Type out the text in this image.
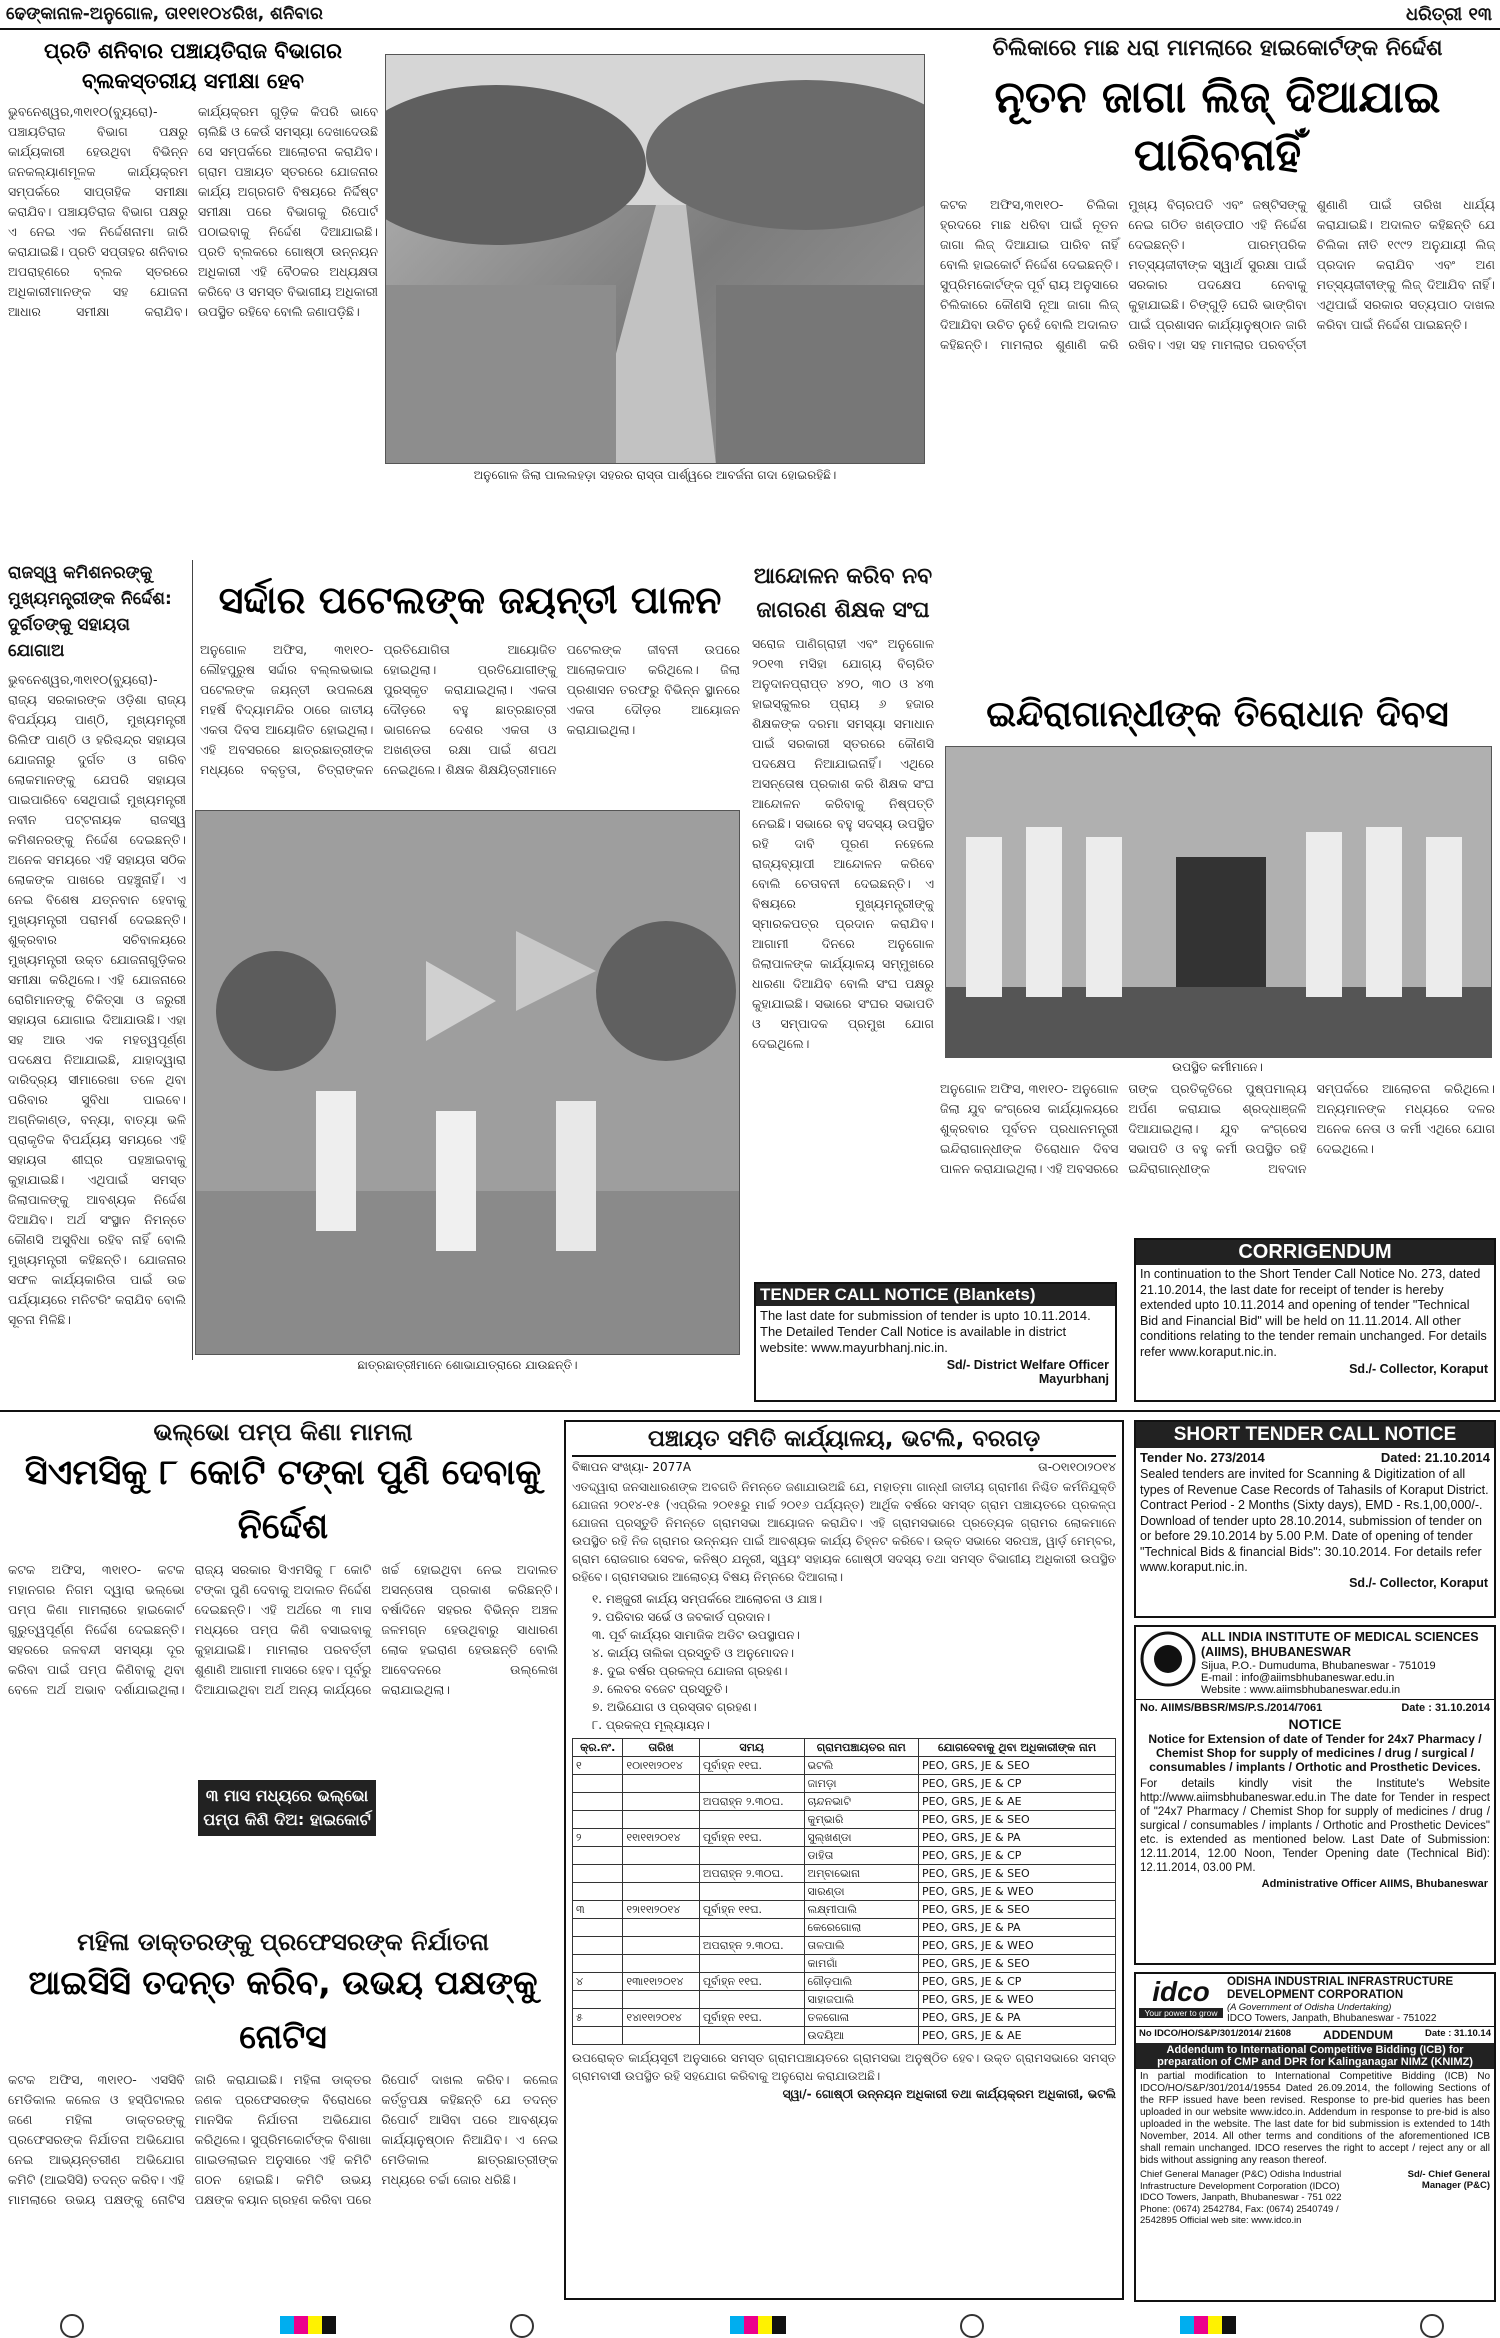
ଢେଙ୍କାନାଳ-ଅନୁଗୋଳ, ତା୧୧ା୧୦୪ରିଖ, ଶନିବାର	ଧରିତ୍ରୀ ୧୩
ପ୍ରତି ଶନିବାର ପଞ୍ଚାୟତିରାଜ ବିଭାଗର ବ୍ଲକସ୍ତରୀୟ ସମୀକ୍ଷା ହେବ
ଭୁବନେଶ୍ୱର,୩୧ା୧୦(ବ୍ୟୁରୋ)- ପଞ୍ଚାୟତିରାଜ ବିଭାଗ ପକ୍ଷରୁ କାର୍ଯ୍ୟକାରୀ ହେଉଥିବା ବିଭିନ୍ନ ଜନକଲ୍ୟାଣମୂଳକ କାର୍ଯ୍ୟକ୍ରମ ସମ୍ପର୍କରେ ସାପ୍ତାହିକ ସମୀକ୍ଷା କରାଯିବ। ପଞ୍ଚାୟତିରାଜ ବିଭାଗ ପକ୍ଷରୁ ଏ ନେଇ ଏକ ନିର୍ଦ୍ଦେଶନାମା ଜାରି କରାଯାଇଛି। ପ୍ରତି ସପ୍ତାହର ଶନିବାର ଅପରାହ୍ଣରେ ବ୍ଲକ ସ୍ତରରେ ଅଧିକାରୀମାନଙ୍କ ସହ ଯୋଜନା ଆଧାର ସମୀକ୍ଷା କରାଯିବ। କାର୍ଯ୍ୟକ୍ରମ ଗୁଡ଼ିକ କିପରି ଭାବେ ଚାଲିଛି ଓ କେଉଁ ସମସ୍ୟା ଦେଖାଦେଉଛି ସେ ସମ୍ପର୍କରେ ଆଲୋଚନା କରାଯିବ। ଗ୍ରାମ ପଞ୍ଚାୟତ ସ୍ତରରେ ଯୋଜନାର କାର୍ଯ୍ୟ ଅଗ୍ରଗତି ବିଷୟରେ ନିର୍ଦ୍ଦିଷ୍ଟ ସମୀକ୍ଷା ପରେ ବିଭାଗକୁ ରିପୋର୍ଟ ପଠାଇବାକୁ ନିର୍ଦ୍ଦେଶ ଦିଆଯାଇଛି। ପ୍ରତି ବ୍ଲକରେ ଗୋଷ୍ଠୀ ଉନ୍ନୟନ ଅଧିକାରୀ ଏହି ବୈଠକର ଅଧ୍ୟକ୍ଷତା କରିବେ ଓ ସମସ୍ତ ବିଭାଗୀୟ ଅଧିକାରୀ ଉପସ୍ଥିତ ରହିବେ ବୋଲି ଜଣାପଡ଼ିଛି।
ଅନୁଗୋଳ ଜିଲା ପାଲଲହଡ଼ା ସହରର ରାସ୍ତା ପାର୍ଶ୍ୱରେ ଆବର୍ଜନା ଗଦା ହୋଇରହିଛି।
ଚିଲିକାରେ ମାଛ ଧରା ମାମଲାରେ ହାଇକୋର୍ଟଙ୍କ ନିର୍ଦ୍ଦେଶ
ନୂତନ ଜାଗା ଲିଜ୍ ଦିଆଯାଇ ପାରିବନାହିଁ
କଟକ ଅଫିସ,୩୧ା୧୦- ଚିଲିକା ହ୍ରଦରେ ମାଛ ଧରିବା ପାଇଁ ନୂତନ ଜାଗା ଲିଜ୍ ଦିଆଯାଇ ପାରିବ ନାହିଁ ବୋଲି ହାଇକୋର୍ଟ ନିର୍ଦ୍ଦେଶ ଦେଇଛନ୍ତି। ସୁପ୍ରିମକୋର୍ଟଙ୍କ ପୂର୍ବ ରାୟ ଅନୁସାରେ ଚିଲିକାରେ କୌଣସି ନୂଆ ଜାଗା ଲିଜ୍ ଦିଆଯିବା ଉଚିତ ନୁହେଁ ବୋଲି ଅଦାଲତ କହିଛନ୍ତି। ମାମଲାର ଶୁଣାଣି କରି ମୁଖ୍ୟ ବିଚାରପତି ଏବଂ ଜଷ୍ଟିସଙ୍କୁ ନେଇ ଗଠିତ ଖଣ୍ଡପୀଠ ଏହି ନିର୍ଦ୍ଦେଶ ଦେଇଛନ୍ତି। ପାରମ୍ପରିକ ମତ୍ସ୍ୟଜୀବୀଙ୍କ ସ୍ୱାର୍ଥ ସୁରକ୍ଷା ପାଇଁ ସରକାର ପଦକ୍ଷେପ ନେବାକୁ କୁହାଯାଇଛି। ଚିଙ୍ଗୁଡ଼ି ଘେରି ଭାଙ୍ଗିବା ପାଇଁ ପ୍ରଶାସନ କାର୍ଯ୍ୟାନୁଷ୍ଠାନ ଜାରି ରଖିବ। ଏହା ସହ ମାମଲାର ପରବର୍ତ୍ତୀ ଶୁଣାଣି ପାଇଁ ତାରିଖ ଧାର୍ଯ୍ୟ କରାଯାଇଛି। ଅଦାଲତ କହିଛନ୍ତି ଯେ ଚିଲିକା ନୀତି ୧୯୯୨ ଅନୁଯାୟୀ ଲିଜ୍ ପ୍ରଦାନ କରାଯିବ ଏବଂ ଅଣ ମତ୍ସ୍ୟଜୀବୀଙ୍କୁ ଲିଜ୍ ଦିଆଯିବ ନାହିଁ। ଏଥିପାଇଁ ସରକାର ସତ୍ୟପାଠ ଦାଖଲ କରିବା ପାଇଁ ନିର୍ଦ୍ଦେଶ ପାଇଛନ୍ତି।
ରାଜସ୍ୱ କମିଶନରଙ୍କୁ ମୁଖ୍ୟମନ୍ତ୍ରୀଙ୍କ ନିର୍ଦ୍ଦେଶ: ଦୁର୍ଗତଙ୍କୁ ସହାୟତା ଯୋଗାଅ
ଭୁବନେଶ୍ୱର,୩୧ା୧୦(ବ୍ୟୁରୋ)- ରାଜ୍ୟ ସରକାରଙ୍କ ଓଡ଼ିଶା ରାଜ୍ୟ ବିପର୍ଯ୍ୟୟ ପାଣ୍ଠି, ମୁଖ୍ୟମନ୍ତ୍ରୀ ରିଲିଫ ପାଣ୍ଠି ଓ ହରିଶ୍ଚନ୍ଦ୍ର ସହାୟତା ଯୋଜନାରୁ ଦୁର୍ଗତ ଓ ଗରିବ ଲୋକମାନଙ୍କୁ ଯେପରି ସହାୟତା ପାଇପାରିବେ ସେଥିପାଇଁ ମୁଖ୍ୟମନ୍ତ୍ରୀ ନବୀନ ପଟ୍ଟନାୟକ ରାଜସ୍ୱ କମିଶନରଙ୍କୁ ନିର୍ଦ୍ଦେଶ ଦେଇଛନ୍ତି। ଅନେକ ସମୟରେ ଏହି ସହାୟତା ସଠିକ ଲୋକଙ୍କ ପାଖରେ ପହଞ୍ଚୁନାହିଁ। ଏ ନେଇ ବିଶେଷ ଯତ୍ନବାନ ହେବାକୁ ମୁଖ୍ୟମନ୍ତ୍ରୀ ପରାମର୍ଶ ଦେଇଛନ୍ତି। ଶୁକ୍ରବାର ସଚିବାଳୟରେ ମୁଖ୍ୟମନ୍ତ୍ରୀ ଉକ୍ତ ଯୋଜନାଗୁଡ଼ିକର ସମୀକ୍ଷା କରିଥିଲେ। ଏହି ଯୋଜନାରେ ରୋଗିମାନଙ୍କୁ ଚିକିତ୍ସା ଓ ଜରୁରୀ ସହାୟତା ଯୋଗାଇ ଦିଆଯାଉଛି। ଏହା ସହ ଆଉ ଏକ ମହତ୍ୱପୂର୍ଣ୍ଣ ପଦକ୍ଷେପ ନିଆଯାଇଛି, ଯାହାଦ୍ୱାରା ଦାରିଦ୍ର୍ୟ ସୀମାରେଖା ତଳେ ଥିବା ପରିବାର ସୁବିଧା ପାଇବେ। ଅଗ୍ନିକାଣ୍ଡ, ବନ୍ୟା, ବାତ୍ୟା ଭଳି ପ୍ରାକୃତିକ ବିପର୍ଯ୍ୟୟ ସମୟରେ ଏହି ସହାୟତା ଶୀଘ୍ର ପହଞ୍ଚାଇବାକୁ କୁହାଯାଇଛି। ଏଥିପାଇଁ ସମସ୍ତ ଜିଲାପାଳଙ୍କୁ ଆବଶ୍ୟକ ନିର୍ଦ୍ଦେଶ ଦିଆଯିବ। ଅର୍ଥ ସଂସ୍ଥାନ ନିମନ୍ତେ କୌଣସି ଅସୁବିଧା ରହିବ ନାହିଁ ବୋଲି ମୁଖ୍ୟମନ୍ତ୍ରୀ କହିଛନ୍ତି। ଯୋଜନାର ସଫଳ କାର୍ଯ୍ୟକାରିତା ପାଇଁ ଉଚ୍ଚ ପର୍ଯ୍ୟାୟରେ ମନିଟରିଂ କରାଯିବ ବୋଲି ସୂଚନା ମିଳିଛି।
ସର୍ଦ୍ଦାର ପଟେଲଙ୍କ ଜୟନ୍ତୀ ପାଳନ
ଅନୁଗୋଳ ଅଫିସ, ୩୧ା୧୦- ଲୌହପୁରୁଷ ସର୍ଦ୍ଦାର ବଲ୍ଲଭଭାଇ ପଟେଲଙ୍କ ଜୟନ୍ତୀ ଉପଲକ୍ଷେ ମହର୍ଷି ବିଦ୍ୟାମନ୍ଦିର ଠାରେ ଜାତୀୟ ଏକତା ଦିବସ ଆୟୋଜିତ ହୋଇଥିଲା। ଏହି ଅବସରରେ ଛାତ୍ରଛାତ୍ରୀଙ୍କ ମଧ୍ୟରେ ବକ୍ତୃତା, ଚିତ୍ରାଙ୍କନ ପ୍ରତିଯୋଗିତା ଆୟୋଜିତ ହୋଇଥିଲା। ପ୍ରତିଯୋଗୀଙ୍କୁ ପୁରସ୍କୃତ କରାଯାଇଥିଲା। ଏକତା ଦୌଡ଼ରେ ବହୁ ଛାତ୍ରଛାତ୍ରୀ ଭାଗନେଇ ଦେଶର ଏକତା ଓ ଅଖଣ୍ଡତା ରକ୍ଷା ପାଇଁ ଶପଥ ନେଇଥିଲେ। ଶିକ୍ଷକ ଶିକ୍ଷୟିତ୍ରୀମାନେ ପଟେଲଙ୍କ ଜୀବନୀ ଉପରେ ଆଲୋକପାତ କରିଥିଲେ। ଜିଲା ପ୍ରଶାସନ ତରଫରୁ ବିଭିନ୍ନ ସ୍ଥାନରେ ଏକତା ଦୌଡ଼ର ଆୟୋଜନ କରାଯାଇଥିଲା।
ଛାତ୍ରଛାତ୍ରୀମାନେ ଶୋଭାଯାତ୍ରାରେ ଯାଉଛନ୍ତି।
ଆନ୍ଦୋଳନ କରିବ ନବ ଜାଗରଣ ଶିକ୍ଷକ ସଂଘ
ସରୋଜ ପାଣିଗ୍ରାହୀ ଏବଂ ଅନୁଗୋଳ ୨୦୧୩ ମସିହା ଯୋଗ୍ୟ ବିଚାରିତ ଅନୁଦାନପ୍ରାପ୍ତ ୪୨୦, ୩୦ ଓ ୪୩ ହାଇସ୍କୁଲର ପ୍ରାୟ ୬ ହଜାର ଶିକ୍ଷକଙ୍କ ଦରମା ସମସ୍ୟା ସମାଧାନ ପାଇଁ ସରକାରୀ ସ୍ତରରେ କୌଣସି ପଦକ୍ଷେପ ନିଆଯାଇନାହିଁ। ଏଥିରେ ଅସନ୍ତୋଷ ପ୍ରକାଶ କରି ଶିକ୍ଷକ ସଂଘ ଆନ୍ଦୋଳନ କରିବାକୁ ନିଷ୍ପତ୍ତି ନେଇଛି। ସଭାରେ ବହୁ ସଦସ୍ୟ ଉପସ୍ଥିତ ରହି ଦାବି ପୂରଣ ନହେଲେ ରାଜ୍ୟବ୍ୟାପୀ ଆନ୍ଦୋଳନ କରିବେ ବୋଲି ଚେତାବନୀ ଦେଇଛନ୍ତି। ଏ ବିଷୟରେ ମୁଖ୍ୟମନ୍ତ୍ରୀଙ୍କୁ ସ୍ମାରକପତ୍ର ପ୍ରଦାନ କରାଯିବ। ଆଗାମୀ ଦିନରେ ଅନୁଗୋଳ ଜିଲାପାଳଙ୍କ କାର୍ଯ୍ୟାଳୟ ସମ୍ମୁଖରେ ଧାରଣା ଦିଆଯିବ ବୋଲି ସଂଘ ପକ୍ଷରୁ କୁହାଯାଇଛି। ସଭାରେ ସଂଘର ସଭାପତି ଓ ସମ୍ପାଦକ ପ୍ରମୁଖ ଯୋଗ ଦେଇଥିଲେ।
ଇନ୍ଦିରାଗାନ୍ଧୀଙ୍କ ତିରୋଧାନ ଦିବସ
ଉପସ୍ଥିତ କର୍ମୀମାନେ।
ଅନୁଗୋଳ ଅଫିସ, ୩୧ା୧୦- ଅନୁଗୋଳ ଜିଲା ଯୁବ କଂଗ୍ରେସ କାର୍ଯ୍ୟାଳୟରେ ଶୁକ୍ରବାର ପୂର୍ବତନ ପ୍ରଧାନମନ୍ତ୍ରୀ ଇନ୍ଦିରାଗାନ୍ଧୀଙ୍କ ତିରୋଧାନ ଦିବସ ପାଳନ କରାଯାଇଥିଲା। ଏହି ଅବସରରେ ତାଙ୍କ ପ୍ରତିକୃତିରେ ପୁଷ୍ପମାଲ୍ୟ ଅର୍ପଣ କରାଯାଇ ଶ୍ରଦ୍ଧାଞ୍ଜଳି ଦିଆଯାଇଥିଲା। ଯୁବ କଂଗ୍ରେସ ସଭାପତି ଓ ବହୁ କର୍ମୀ ଉପସ୍ଥିତ ରହି ଇନ୍ଦିରାଗାନ୍ଧୀଙ୍କ ଅବଦାନ ସମ୍ପର୍କରେ ଆଲୋଚନା କରିଥିଲେ। ଅନ୍ୟମାନଙ୍କ ମଧ୍ୟରେ ଦଳର ଅନେକ ନେତା ଓ କର୍ମୀ ଏଥିରେ ଯୋଗ ଦେଇଥିଲେ।
TENDER CALL NOTICE (Blankets)
The last date for submission of tender is upto 10.11.2014. The Detailed Tender Call Notice is available in district website: www.mayurbhanj.nic.in.
Sd/- District Welfare Officer
Mayurbhanj
CORRIGENDUM
In continuation to the Short Tender Call Notice No. 273, dated 21.10.2014, the last date for receipt of tender is hereby extended upto 10.11.2014 and opening of tender "Technical Bid and Financial Bid" will be held on 11.11.2014. All other conditions relating to the tender remain unchanged. For details refer www.koraput.nic.in.
Sd./- Collector, Koraput
ଭଲ୍‌ଭୋ ପମ୍ପ କିଣା ମାମଲା
ସିଏମସିକୁ ୮ କୋଟି ଟଙ୍କା ପୁଣି ଦେବାକୁ ନିର୍ଦ୍ଦେଶ
୩ ମାସ ମଧ୍ୟରେ ଭଲ୍‌ଭୋ ପମ୍ପ କିଣି ଦିଅ: ହାଇକୋର୍ଟ
କଟକ ଅଫିସ, ୩୧ା୧୦- କଟକ ମହାନଗର ନିଗମ ଦ୍ୱାରା ଭଲ୍‌ଭୋ ପମ୍ପ କିଣା ମାମଲାରେ ହାଇକୋର୍ଟ ଗୁରୁତ୍ୱପୂର୍ଣ୍ଣ ନିର୍ଦ୍ଦେଶ ଦେଇଛନ୍ତି। ସହରରେ ଜଳବନ୍ଦୀ ସମସ୍ୟା ଦୂର କରିବା ପାଇଁ ପମ୍ପ କିଣିବାକୁ ଥିବା ବେଳେ ଅର୍ଥ ଅଭାବ ଦର୍ଶାଯାଇଥିଲା। ରାଜ୍ୟ ସରକାର ସିଏମସିକୁ ୮ କୋଟି ଟଙ୍କା ପୁଣି ଦେବାକୁ ଅଦାଲତ ନିର୍ଦ୍ଦେଶ ଦେଇଛନ୍ତି। ଏହି ଅର୍ଥରେ ୩ ମାସ ମଧ୍ୟରେ ପମ୍ପ କିଣି ବସାଇବାକୁ କୁହାଯାଇଛି। ମାମଲାର ପରବର୍ତ୍ତୀ ଶୁଣାଣି ଆଗାମୀ ମାସରେ ହେବ। ପୂର୍ବରୁ ଦିଆଯାଇଥିବା ଅର୍ଥ ଅନ୍ୟ କାର୍ଯ୍ୟରେ ଖର୍ଚ୍ଚ ହୋଇଥିବା ନେଇ ଅଦାଲତ ଅସନ୍ତୋଷ ପ୍ରକାଶ କରିଛନ୍ତି। ବର୍ଷାଦିନେ ସହରର ବିଭିନ୍ନ ଅଞ୍ଚଳ ଜଳମଗ୍ନ ହେଉଥିବାରୁ ସାଧାରଣ ଲୋକ ହଇରାଣ ହେଉଛନ୍ତି ବୋଲି ଆବେଦନରେ ଉଲ୍ଲେଖ କରାଯାଇଥିଲା।
ମହିଳା ଡାକ୍ତରଙ୍କୁ ପ୍ରଫେସରଙ୍କ ନିର୍ଯାତନା
ଆଇସିସି ତଦନ୍ତ କରିବ, ଉଭୟ ପକ୍ଷଙ୍କୁ ନୋଟିସ
କଟକ ଅଫିସ, ୩୧ା୧୦- ଏସସିବି ମେଡିକାଲ କଲେଜ ଓ ହସ୍ପିଟାଲର ଜଣେ ମହିଳା ଡାକ୍ତରଙ୍କୁ ପ୍ରଫେସରଙ୍କ ନିର୍ଯାତନା ଅଭିଯୋଗ ନେଇ ଆଭ୍ୟନ୍ତରୀଣ ଅଭିଯୋଗ କମିଟି (ଆଇସିସି) ତଦନ୍ତ କରିବ। ଏହି ମାମଲାରେ ଉଭୟ ପକ୍ଷଙ୍କୁ ନୋଟିସ ଜାରି କରାଯାଇଛି। ମହିଳା ଡାକ୍ତର ଜଣକ ପ୍ରଫେସରଙ୍କ ବିରୋଧରେ ମାନସିକ ନିର୍ଯାତନା ଅଭିଯୋଗ କରିଥିଲେ। ସୁପ୍ରିମକୋର୍ଟଙ୍କ ବିଶାଖା ଗାଇଡଲାଇନ ଅନୁସାରେ ଏହି କମିଟି ଗଠନ ହୋଇଛି। କମିଟି ଉଭୟ ପକ୍ଷଙ୍କ ବୟାନ ଗ୍ରହଣ କରିବା ପରେ ରିପୋର୍ଟ ଦାଖଲ କରିବ। କଲେଜ କର୍ତ୍ତୃପକ୍ଷ କହିଛନ୍ତି ଯେ ତଦନ୍ତ ରିପୋର୍ଟ ଆସିବା ପରେ ଆବଶ୍ୟକ କାର୍ଯ୍ୟାନୁଷ୍ଠାନ ନିଆଯିବ। ଏ ନେଇ ମେଡିକାଲ ଛାତ୍ରଛାତ୍ରୀଙ୍କ ମଧ୍ୟରେ ଚର୍ଚ୍ଚା ଜୋର ଧରିଛି।
ପଞ୍ଚାୟତ ସମିତି କାର୍ଯ୍ୟାଳୟ, ଭଟଲି, ବରଗଡ଼
ବିଜ୍ଞାପନ ସଂଖ୍ୟା- 2077A	ତା-୦୧ା୧୦ା୨୦୧୪
ଏତଦ୍ଦ୍ୱାରା ଜନସାଧାରଣଙ୍କ ଅବଗତି ନିମନ୍ତେ ଜଣାଯାଉଅଛି ଯେ, ମହାତ୍ମା ଗାନ୍ଧୀ ଜାତୀୟ ଗ୍ରାମୀଣ ନିଶ୍ଚିତ କର୍ମନିଯୁକ୍ତି ଯୋଜନା ୨୦୧୪-୧୫ (ଏପ୍ରିଲ ୨୦୧୫ରୁ ମାର୍ଚ୍ଚ ୨୦୧୬ ପର୍ଯ୍ୟନ୍ତ) ଆର୍ଥିକ ବର୍ଷରେ ସମସ୍ତ ଗ୍ରାମ ପଞ୍ଚାୟତରେ ପ୍ରକଳ୍ପ ଯୋଜନା ପ୍ରସ୍ତୁତି ନିମନ୍ତେ ଗ୍ରାମସଭା ଆୟୋଜନ କରାଯିବ। ଏହି ଗ୍ରାମସଭାରେ ପ୍ରତ୍ୟେକ ଗ୍ରାମର ଲୋକମାନେ ଉପସ୍ଥିତ ରହି ନିଜ ଗ୍ରାମର ଉନ୍ନୟନ ପାଇଁ ଆବଶ୍ୟକ କାର୍ଯ୍ୟ ଚିହ୍ନଟ କରିବେ। ଉକ୍ତ ସଭାରେ ସରପଞ୍ଚ, ୱାର୍ଡ଼ ମେମ୍ବର, ଗ୍ରାମ ରୋଜଗାର ସେବକ, କନିଷ୍ଠ ଯନ୍ତ୍ରୀ, ସ୍ୱୟଂ ସହାୟକ ଗୋଷ୍ଠୀ ସଦସ୍ୟ ତଥା ସମସ୍ତ ବିଭାଗୀୟ ଅଧିକାରୀ ଉପସ୍ଥିତ ରହିବେ। ଗ୍ରାମସଭାର ଆଲୋଚ୍ୟ ବିଷୟ ନିମ୍ନରେ ଦିଆଗଲା।
୧. ମଞ୍ଜୁରୀ କାର୍ଯ୍ୟ ସମ୍ପର୍କରେ ଆଲୋଚନା ଓ ଯାଞ୍ଚ।
୨. ପରିବାର ସର୍ଭେ ଓ ଜବକାର୍ଡ ପ୍ରଦାନ।
୩. ପୂର୍ବ କାର୍ଯ୍ୟର ସାମାଜିକ ଅଡିଟ ଉପସ୍ଥାପନ।
୪. କାର୍ଯ୍ୟ ତାଲିକା ପ୍ରସ୍ତୁତି ଓ ଅନୁମୋଦନ।
୫. ଦୁଇ ବର୍ଷର ପ୍ରକଳ୍ପ ଯୋଜନା ଗ୍ରହଣ।
୬. ଲେବର ବଜେଟ ପ୍ରସ୍ତୁତି।
୭. ଅଭିଯୋଗ ଓ ପ୍ରସ୍ତାବ ଗ୍ରହଣ।
୮. ପ୍ରକଳ୍ପ ମୂଲ୍ୟାୟନ।
କ୍ର.ନଂ.	ତାରିଖ	ସମୟ	ଗ୍ରାମପଞ୍ଚାୟତର ନାମ	ଯୋଗଦେବାକୁ ଥିବା ଅଧିକାରୀଙ୍କ ନାମ
୧	୧୦ା୧୧ା୨୦୧୪	ପୂର୍ବାହ୍ନ ୧୧ଘ.	ଭଟଲି	PEO, GRS, JE & SEO
			ଜାମଡ଼ା	PEO, GRS, JE & CP
		ଅପରାହ୍ନ ୨.୩୦ଘ.	ଚାନ୍ଦନଭାଟି	PEO, GRS, JE & AE
			କୁମ୍ଭାରି	PEO, GRS, JE & SEO
୨	୧୧ା୧୧ା୨୦୧୪	ପୂର୍ବାହ୍ନ ୧୧ଘ.	ସୁଲ୍‌ଖଣ୍ଡା	PEO, GRS, JE & PA
			ଡାହିତା	PEO, GRS, JE & CP
		ଅପରାହ୍ନ ୨.୩୦ଘ.	ଅମ୍ବାଭୋନା	PEO, GRS, JE & SEO
			ସାରଣ୍ଡା	PEO, GRS, JE & WEO
୩	୧୨ା୧୧ା୨୦୧୪	ପୂର୍ବାହ୍ନ ୧୧ଘ.	ଲକ୍ଷ୍ମୀପାଲି	PEO, GRS, JE & SEO
			କେରେଗୋଲା	PEO, GRS, JE & PA
		ଅପରାହ୍ନ ୨.୩୦ଘ.	ତାଳପାଲି	PEO, GRS, JE & WEO
			କାମଗାଁ	PEO, GRS, JE & SEO
୪	୧୩ା୧୧ା୨୦୧୪	ପୂର୍ବାହ୍ନ ୧୧ଘ.	ଗୌଡ଼ପାଲି	PEO, GRS, JE & CP
			ସାହାଜପାଲି	PEO, GRS, JE & WEO
୫	୧୪ା୧୧ା୨୦୧୪	ପୂର୍ବାହ୍ନ ୧୧ଘ.	ତଳଗୋଳା	PEO, GRS, JE & PA
			ଉଦୟିଆ	PEO, GRS, JE & AE
ଉପରୋକ୍ତ କାର୍ଯ୍ୟସୂଚୀ ଅନୁସାରେ ସମସ୍ତ ଗ୍ରାମପଞ୍ଚାୟତରେ ଗ୍ରାମସଭା ଅନୁଷ୍ଠିତ ହେବ। ଉକ୍ତ ଗ୍ରାମସଭାରେ ସମସ୍ତ ଗ୍ରାମବାସୀ ଉପସ୍ଥିତ ରହି ସହଯୋଗ କରିବାକୁ ଅନୁରୋଧ କରାଯାଉଅଛି।
ସ୍ୱା/- ଗୋଷ୍ଠୀ ଉନ୍ନୟନ ଅଧିକାରୀ ତଥା କାର୍ଯ୍ୟକ୍ରମ ଅଧିକାରୀ, ଭଟଲି
SHORT TENDER CALL NOTICE
Tender No. 273/2014	Dated: 21.10.2014
Sealed tenders are invited for Scanning & Digitization of all types of Revenue Case Records of Tahasils of Koraput District. Contract Period - 2 Months (Sixty days), EMD - Rs.1,00,000/-. Download of tender upto 28.10.2014, submission of tender on or before 29.10.2014 by 5.00 P.M. Date of opening of tender "Technical Bids & financial Bids": 30.10.2014. For details refer www.koraput.nic.in.
Sd./- Collector, Koraput
ALL INDIA INSTITUTE OF MEDICAL SCIENCES (AIIMS), BHUBANESWAR
Sijua, P.O.- Dumuduma, Bhubaneswar - 751019
E-mail : info@aiimsbhubaneswar.edu.in
Website : www.aiimsbhubaneswar.edu.in
No. AIIMS/BBSR/MS/P.S./2014/7061	Date : 31.10.2014
NOTICE
Notice for Extension of date of Tender for 24x7 Pharmacy / Chemist Shop for supply of medicines / drug / surgical / consumables / implants / Orthotic and Prosthetic Devices.
For details kindly visit the Institute's Website http://www.aiimsbhubaneswar.edu.in The date for Tender in respect of "24x7 Pharmacy / Chemist Shop for supply of medicines / drug / surgical / consumables / implants / Orthotic and Prosthetic Devices" etc. is extended as mentioned below. Last Date of Submission: 12.11.2014, 12.00 Noon, Tender Opening date (Technical Bid): 12.11.2014, 03.00 PM.
Administrative Officer AIIMS, Bhubaneswar
idco
Your power to grow
ODISHA INDUSTRIAL INFRASTRUCTURE DEVELOPMENT CORPORATION
(A Government of Odisha Undertaking)
IDCO Towers, Janpath, Bhubaneswar - 751022
No IDCO/HO/S&P/301/2014/ 21608	ADDENDUM	Date : 31.10.14
Addendum to International Competitive Bidding (ICB) for preparation of CMP and DPR for Kalinganagar NIMZ (KNIMZ)
In partial modification to International Competitive Bidding (ICB) No IDCO/HO/S&P/301/2014/19554 Dated 26.09.2014, the following Sections of the RFP issued have been revised. Response to pre-bid queries has been uploaded in our website www.idco.in. Addendum in response to pre-bid is also uploaded in the website. The last date for bid submission is extended to 14th November, 2014. All other terms and conditions of the aforementioned ICB shall remain unchanged. IDCO reserves the right to accept / reject any or all bids without assigning any reason thereof.
Chief General Manager (P&C) Odisha Industrial Infrastructure Development Corporation (IDCO) IDCO Towers, Janpath, Bhubaneswar - 751 022 Phone: (0674) 2542784, Fax: (0674) 2540749 / 2542895 Official web site: www.idco.in
Sd/- Chief General Manager (P&C)
